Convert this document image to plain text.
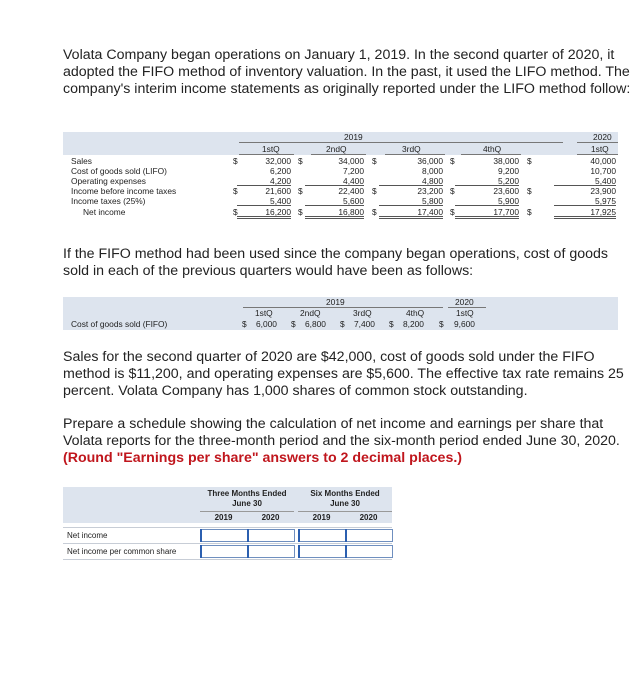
Volata Company began operations on January 1, 2019. In the second quarter of 2020, it adopted the FIFO method of inventory valuation. In the past, it used the LIFO method. The company's interim income statements as originally reported under the LIFO method follow:

2019	2020
1stQ	2ndQ	3rdQ	4thQ	1stQ
Sales	$	32,000 $	34,000 $	36,000 $	38,000 $	40,000
Cost of goods sold (LIFO)	6,200	7,200	8,000	9,200	10,700
Operating expenses	4,200	4,400	4,800	5,200	5,400
Income before income taxes	$	21,600 $	22,400 $	23,200 $	23,600 $	23,900
Income taxes (25%)	5,400	5,600	5,800	5,900	5,975
Net income	$	16,200 $	16,800 $	17,400 $	17,700 $	17,925

If the FIFO method had been used since the company began operations, cost of goods sold in each of the previous quarters would have been as follows:

2019	2020
1stQ	2ndQ	3rdQ	4thQ	1stQ
Cost of goods sold (FIFO)	$ 6,000 $ 6,800 $ 7,400 $ 8,200 $ 9,600

Sales for the second quarter of 2020 are $42,000, cost of goods sold under the FIFO method is $11,200, and operating expenses are $5,600. The effective tax rate remains 25 percent. Volata Company has 1,000 shares of common stock outstanding.

Prepare a schedule showing the calculation of net income and earnings per share that Volata reports for the three-month period and the six-month period ended June 30, 2020. (Round "Earnings per share" answers to 2 decimal places.)

Three Months Ended
June 30
Six Months Ended
June 30
2019	2020	2019	2020
Net income
Net income per common share
